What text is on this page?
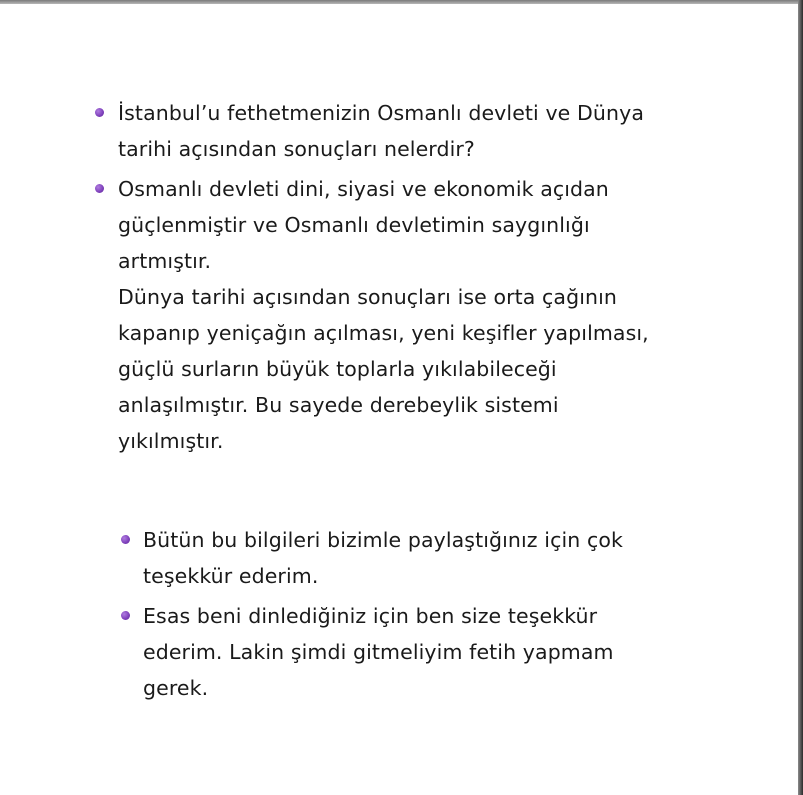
İstanbul’u fethetmenizin Osmanlı devleti ve Dünya
tarihi açısından sonuçları nelerdir?
Osmanlı devleti dini, siyasi ve ekonomik açıdan
güçlenmiştir ve Osmanlı devletimin saygınlığı
artmıştır.
Dünya tarihi açısından sonuçları ise orta çağının
kapanıp yeniçağın açılması, yeni keşifler yapılması,
güçlü surların büyük toplarla yıkılabileceği
anlaşılmıştır. Bu sayede derebeylik sistemi
yıkılmıştır.
Bütün bu bilgileri bizimle paylaştığınız için çok
teşekkür ederim.
Esas beni dinlediğiniz için ben size teşekkür
ederim. Lakin şimdi gitmeliyim fetih yapmam
gerek.
